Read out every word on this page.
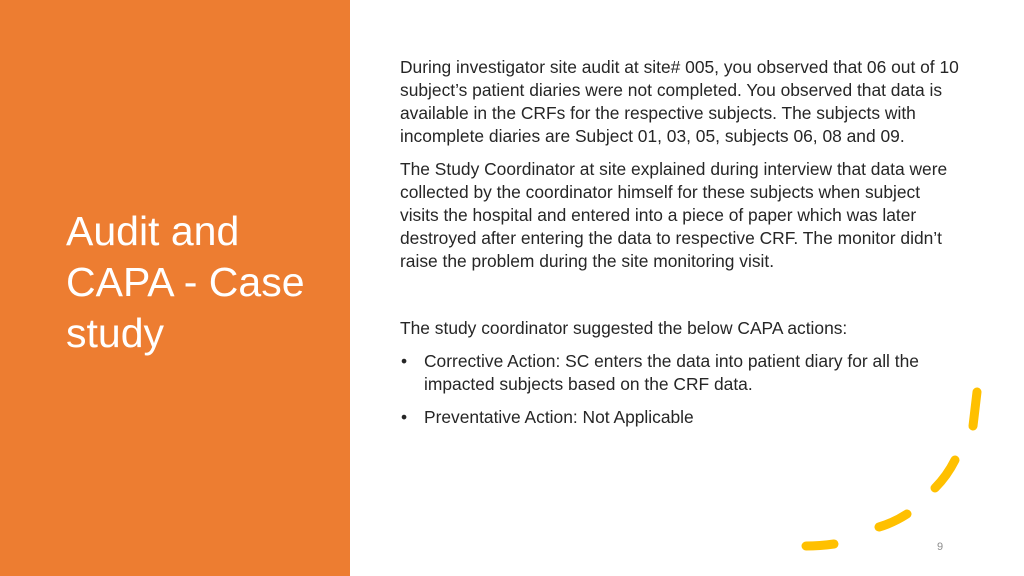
Audit and
CAPA - Case
study

During investigator site audit at site# 005, you observed that 06 out of 10 subject’s patient diaries were not completed. You observed that data is available in the CRFs for the respective subjects. The subjects with incomplete diaries are Subject 01, 03, 05, subjects 06, 08 and 09.

The Study Coordinator at site explained during interview that data were collected by the coordinator himself for these subjects when subject visits the hospital and entered into a piece of paper which was later destroyed after entering the data to respective CRF. The monitor didn’t raise the problem during the site monitoring visit.

The study coordinator suggested the below CAPA actions:

• Corrective Action: SC enters the data into patient diary for all the impacted subjects based on the CRF data.
• Preventative Action: Not Applicable
9
